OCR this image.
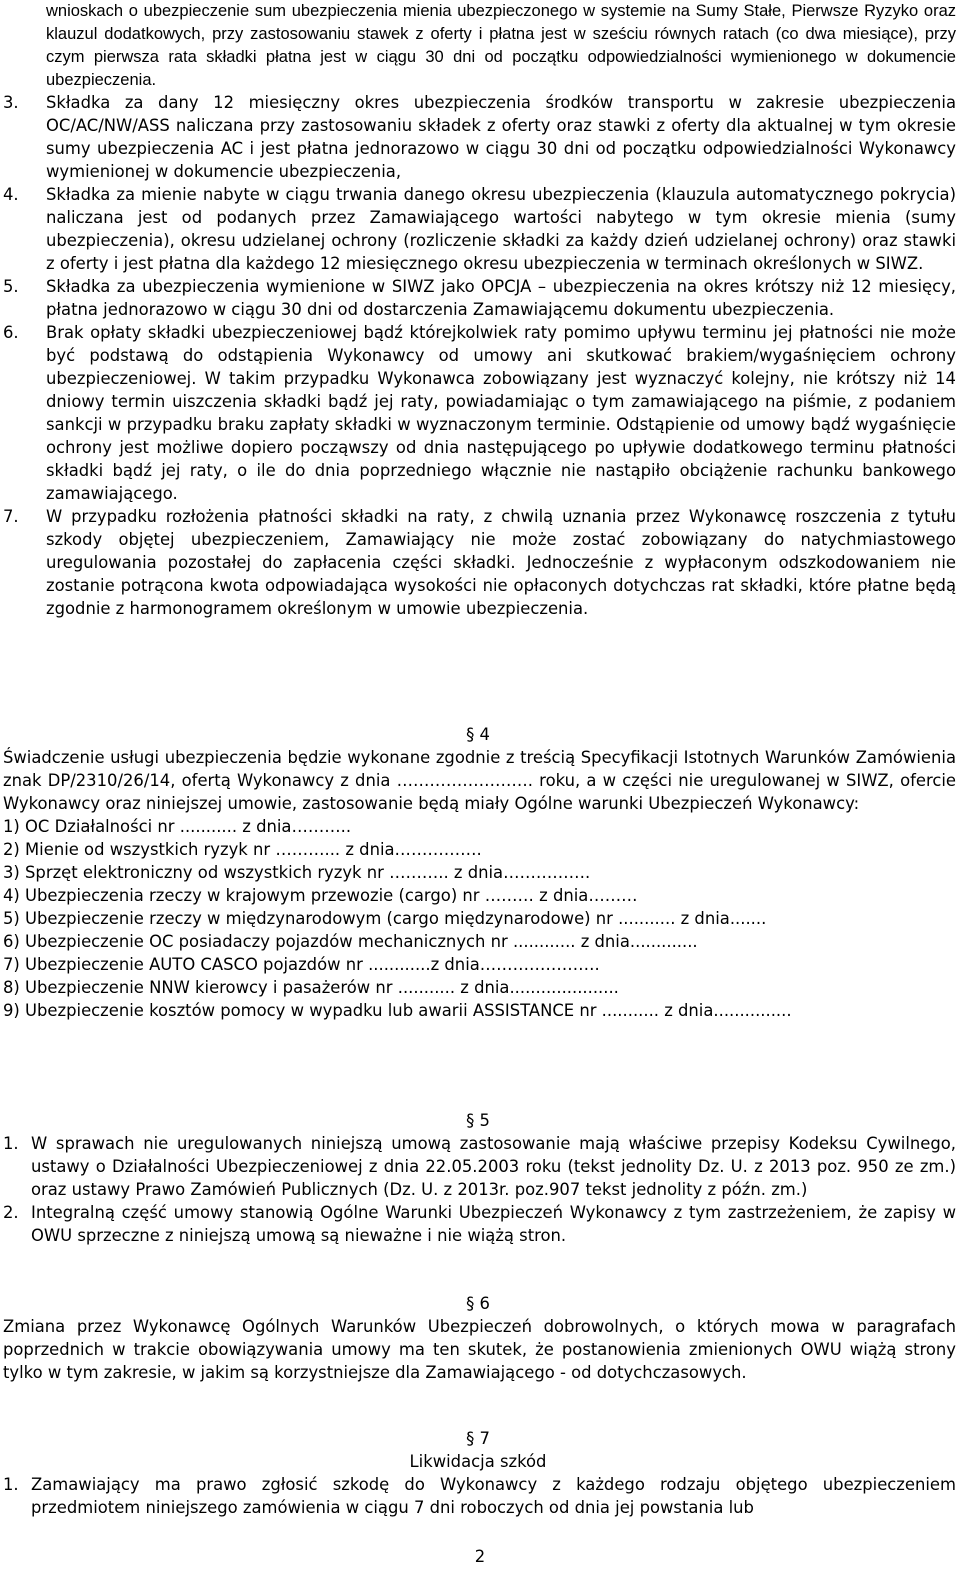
wnioskach o ubezpieczenie sum ubezpieczenia mienia ubezpieczonego w systemie na Sumy Stałe, Pierwsze Ryzyko oraz klauzul dodatkowych, przy zastosowaniu stawek z oferty i płatna jest w sześciu równych ratach (co dwa miesiące), przy czym pierwsza rata składki płatna jest w ciągu 30 dni od początku odpowiedzialności wymienionego w dokumencie ubezpieczenia.
3. Składka za dany 12 miesięczny okres ubezpieczenia środków transportu w zakresie ubezpieczenia OC/AC/NW/ASS naliczana przy zastosowaniu składek z oferty oraz stawki z oferty dla aktualnej w tym okresie sumy ubezpieczenia AC i jest płatna jednorazowo w ciągu 30 dni od początku odpowiedzialności Wykonawcy wymienionej w dokumencie ubezpieczenia,
4. Składka za mienie nabyte w ciągu trwania danego okresu ubezpieczenia (klauzula automatycznego pokrycia) naliczana jest od podanych przez Zamawiającego wartości nabytego w tym okresie mienia (sumy ubezpieczenia), okresu udzielanej ochrony (rozliczenie składki za każdy dzień udzielanej ochrony) oraz stawki z oferty i jest płatna dla każdego 12 miesięcznego okresu ubezpieczenia w terminach określonych w SIWZ.
5. Składka za ubezpieczenia wymienione w SIWZ jako OPCJA – ubezpieczenia na okres krótszy niż 12 miesięcy, płatna jednorazowo w ciągu 30 dni od dostarczenia Zamawiającemu dokumentu ubezpieczenia.
6. Brak opłaty składki ubezpieczeniowej bądź którejkolwiek raty pomimo upływu terminu jej płatności nie może być podstawą do odstąpienia Wykonawcy od umowy ani skutkować brakiem/wygaśnięciem ochrony ubezpieczeniowej. W takim przypadku Wykonawca zobowiązany jest wyznaczyć kolejny, nie krótszy niż 14 dniowy termin uiszczenia składki bądź jej raty, powiadamiając o tym zamawiającego na piśmie, z podaniem sankcji w przypadku braku zapłaty składki w wyznaczonym terminie. Odstąpienie od umowy bądź wygaśnięcie ochrony jest możliwe dopiero począwszy od dnia następującego po upływie dodatkowego terminu płatności składki bądź jej raty, o ile do dnia poprzedniego włącznie nie nastąpiło obciążenie rachunku bankowego zamawiającego.
7. W przypadku rozłożenia płatności składki na raty, z chwilą uznania przez Wykonawcę roszczenia z tytułu szkody objętej ubezpieczeniem, Zamawiający nie może zostać zobowiązany do natychmiastowego uregulowania pozostałej do zapłacenia części składki. Jednocześnie z wypłaconym odszkodowaniem nie zostanie potrącona kwota odpowiadająca wysokości nie opłaconych dotychczas rat składki, które płatne będą zgodnie z harmonogramem określonym w umowie ubezpieczenia.
§ 4
Świadczenie usługi ubezpieczenia będzie wykonane zgodnie z treścią Specyfikacji Istotnych Warunków Zamówienia znak DP/2310/26/14, ofertą Wykonawcy z dnia ……………………. roku, a w części nie uregulowanej w SIWZ, ofercie Wykonawcy oraz niniejszej umowie, zastosowanie będą miały Ogólne warunki Ubezpieczeń Wykonawcy:
1) OC Działalności nr ........... z dnia………..
2) Mienie od wszystkich ryzyk nr ………... z dnia…………….
3) Sprzęt elektroniczny od wszystkich ryzyk nr ……….. z dnia…………….
4) Ubezpieczenia rzeczy w krajowym przewozie (cargo) nr ……… z dnia………
5) Ubezpieczenie rzeczy w międzynarodowym (cargo międzynarodowe) nr ........... z dnia.......
6) Ubezpieczenie OC posiadaczy pojazdów mechanicznych nr ............ z dnia.............
7) Ubezpieczenie AUTO CASCO pojazdów nr ............z dnia………………….
8) Ubezpieczenie NNW kierowcy i pasażerów nr ........... z dnia.....................
9) Ubezpieczenie kosztów pomocy w wypadku lub awarii ASSISTANCE nr ........... z dnia...............
§ 5
1. W sprawach nie uregulowanych niniejszą umową zastosowanie mają właściwe przepisy Kodeksu Cywilnego, ustawy o Działalności Ubezpieczeniowej z dnia 22.05.2003 roku (tekst jednolity Dz. U. z 2013 poz. 950 ze zm.) oraz ustawy Prawo Zamówień Publicznych (Dz. U. z 2013r. poz.907 tekst jednolity z późn. zm.)
2. Integralną część umowy stanowią Ogólne Warunki Ubezpieczeń Wykonawcy z tym zastrzeżeniem, że zapisy w OWU sprzeczne z niniejszą umową są nieważne i nie wiążą stron.
§ 6
Zmiana przez Wykonawcę Ogólnych Warunków Ubezpieczeń dobrowolnych, o których mowa w paragrafach poprzednich w trakcie obowiązywania umowy ma ten skutek, że postanowienia zmienionych OWU wiążą strony tylko w tym zakresie, w jakim są korzystniejsze dla Zamawiającego - od dotychczasowych.
§ 7
Likwidacja szkód
1. Zamawiający ma prawo zgłosić szkodę do Wykonawcy z każdego rodzaju objętego ubezpieczeniem przedmiotem niniejszego zamówienia w ciągu 7 dni roboczych od dnia jej powstania lub
2
